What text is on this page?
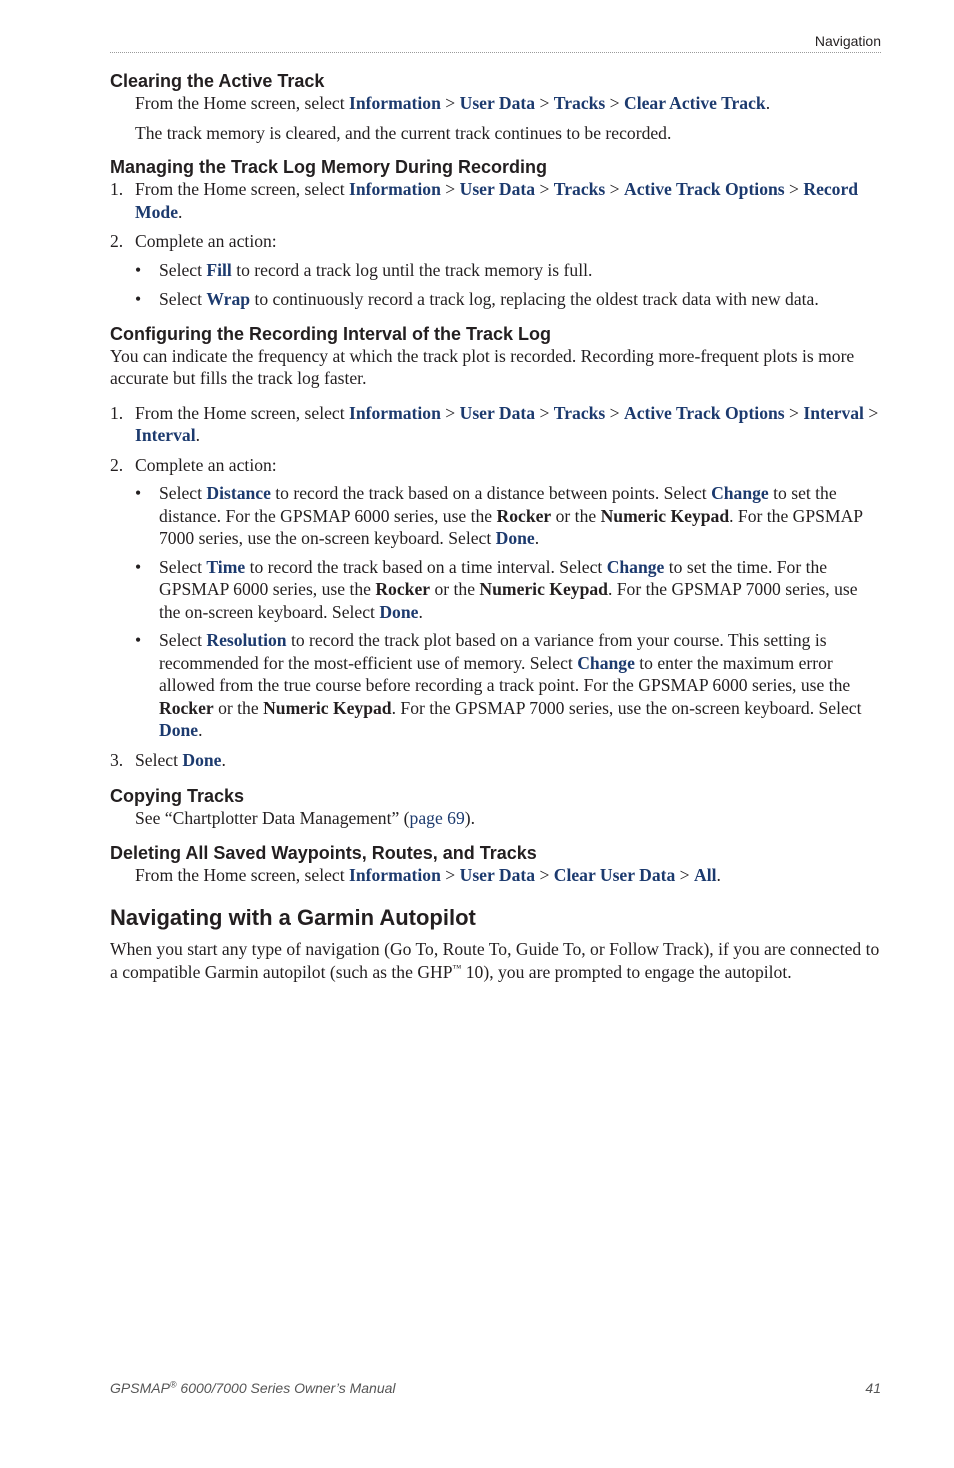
Navigation
Clearing the Active Track

From the Home screen, select Information > User Data > Tracks > Clear Active Track.

The track memory is cleared, and the current track continues to be recorded.

Managing the Track Log Memory During Recording
1. From the Home screen, select Information > User Data > Tracks > Active Track Options > Record Mode.
2. Complete an action:
• Select Fill to record a track log until the track memory is full.
• Select Wrap to continuously record a track log, replacing the oldest track data with new data.
Configuring the Recording Interval of the Track Log

You can indicate the frequency at which the track plot is recorded. Recording more-frequent plots is more accurate but fills the track log faster.

1. From the Home screen, select Information > User Data > Tracks > Active Track Options > Interval > Interval.
2. Complete an action:
• Select Distance to record the track based on a distance between points. Select Change to set the distance. For the GPSMAP 6000 series, use the Rocker or the Numeric Keypad. For the GPSMAP 7000 series, use the on-screen keyboard. Select Done.
• Select Time to record the track based on a time interval. Select Change to set the time. For the GPSMAP 6000 series, use the Rocker or the Numeric Keypad. For the GPSMAP 7000 series, use the on-screen keyboard. Select Done.
• Select Resolution to record the track plot based on a variance from your course. This setting is recommended for the most-efficient use of memory. Select Change to enter the maximum error allowed from the true course before recording a track point. For the GPSMAP 6000 series, use the Rocker or the Numeric Keypad. For the GPSMAP 7000 series, use the on-screen keyboard. Select Done.
3. Select Done.
Copying Tracks

See “Chartplotter Data Management” (page 69).

Deleting All Saved Waypoints, Routes, and Tracks

From the Home screen, select Information > User Data > Clear User Data > All.

Navigating with a Garmin Autopilot

When you start any type of navigation (Go To, Route To, Guide To, or Follow Track), if you are connected to a compatible Garmin autopilot (such as the GHP™ 10), you are prompted to engage the autopilot.

GPSMAP® 6000/7000 Series Owner’s Manual	41
